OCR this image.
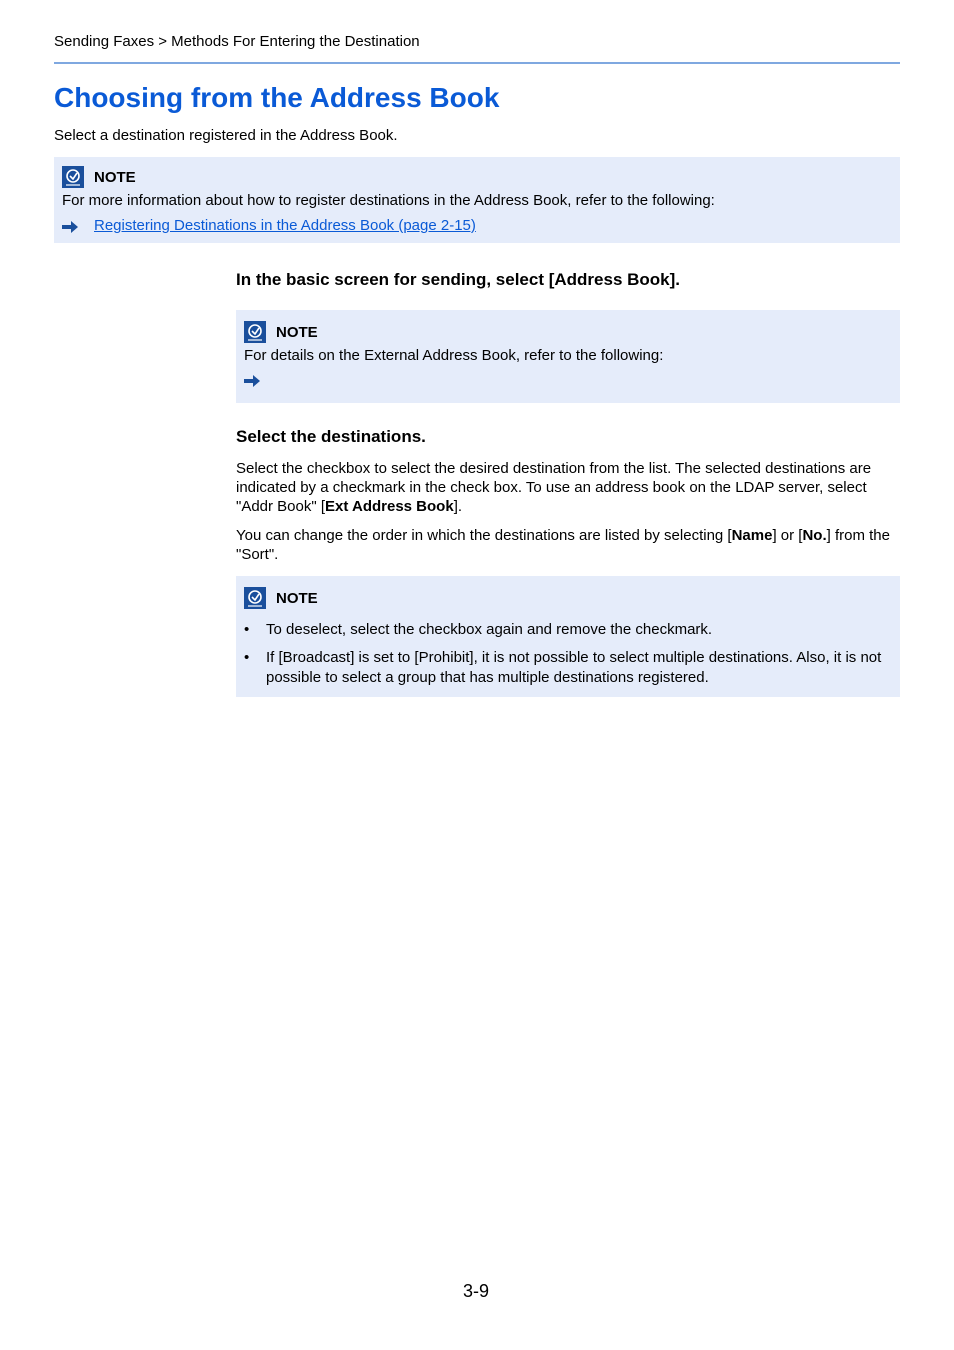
Sending Faxes > Methods For Entering the Destination
Choosing from the Address Book
Select a destination registered in the Address Book.
NOTE
For more information about how to register destinations in the Address Book, refer to the following:
Registering Destinations in the Address Book (page 2-15)
In the basic screen for sending, select [Address Book].
NOTE
For details on the External Address Book, refer to the following:
Select the destinations.
Select the checkbox to select the desired destination from the list. The selected destinations are indicated by a checkmark in the check box. To use an address book on the LDAP server, select "Addr Book" [Ext Address Book].
You can change the order in which the destinations are listed by selecting [Name] or [No.] from the "Sort".
NOTE
• To deselect, select the checkbox again and remove the checkmark.
• If [Broadcast] is set to [Prohibit], it is not possible to select multiple destinations. Also, it is not possible to select a group that has multiple destinations registered.
3-9
